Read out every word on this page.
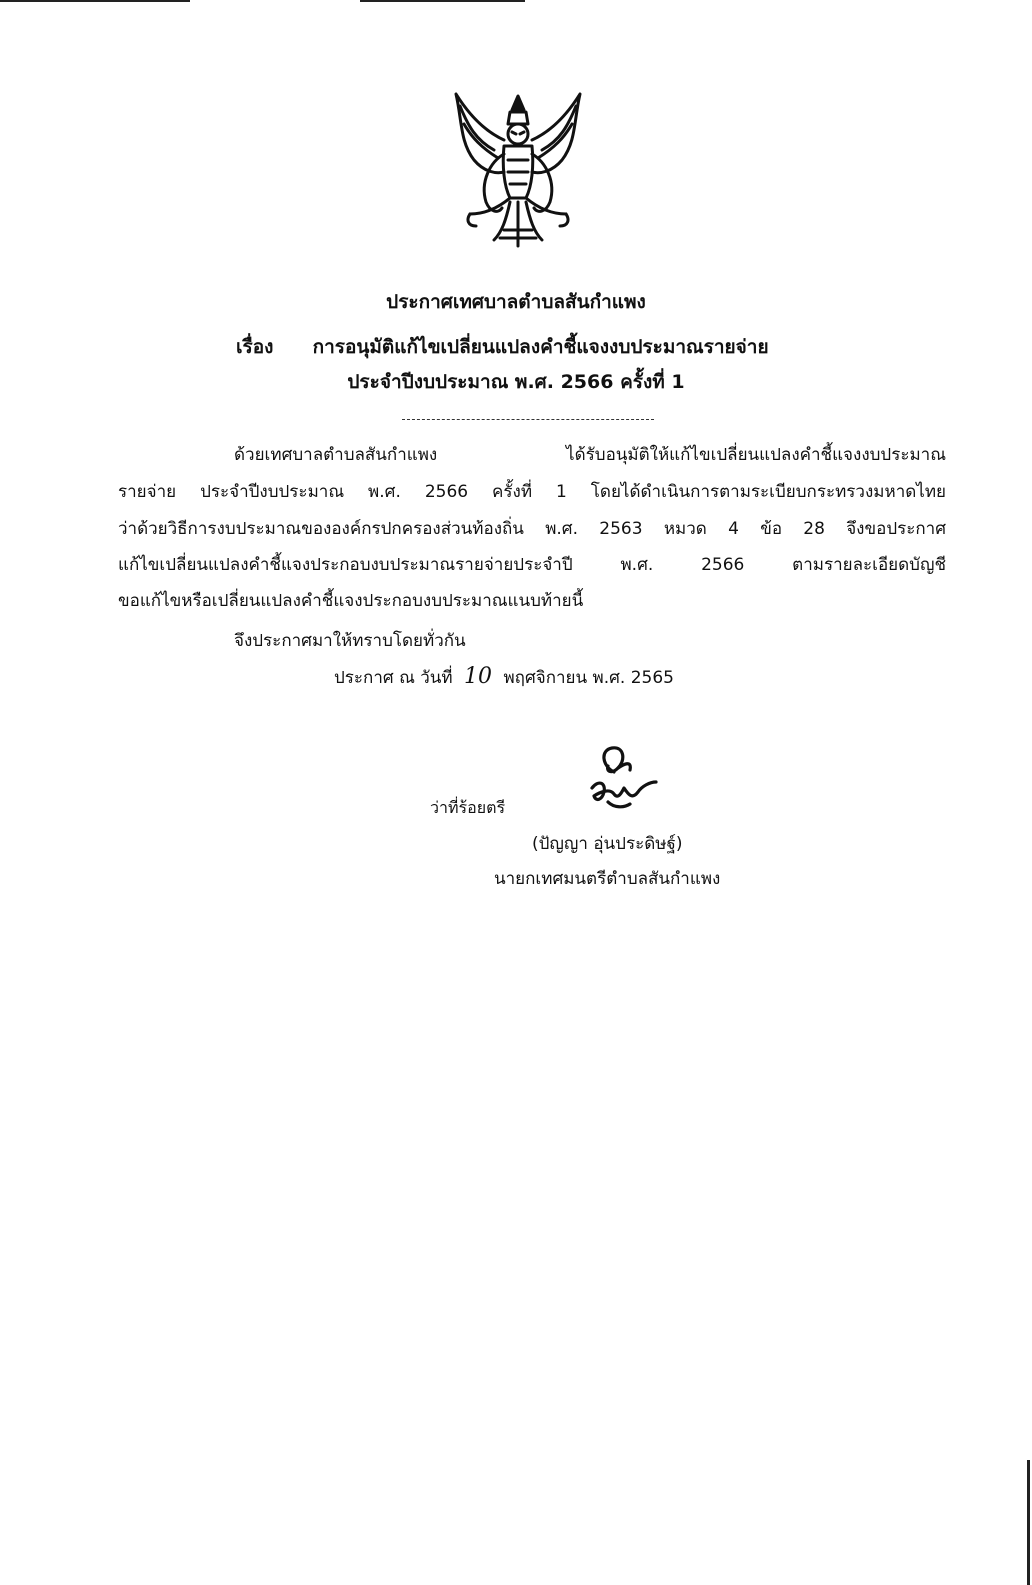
ประกาศเทศบาลตำบลสันกำแพง
เรื่อง การอนุมัติแก้ไขเปลี่ยนแปลงคำชี้แจงงบประมาณรายจ่าย
ประจำปีงบประมาณ พ.ศ. 2566 ครั้งที่ 1
ด้วยเทศบาลตำบลสันกำแพง ได้รับอนุมัติให้แก้ไขเปลี่ยนแปลงคำชี้แจงงบประมาณ
รายจ่าย ประจำปีงบประมาณ พ.ศ. 2566 ครั้งที่ 1 โดยได้ดำเนินการตามระเบียบกระทรวงมหาดไทย
ว่าด้วยวิธีการงบประมาณขององค์กรปกครองส่วนท้องถิ่น พ.ศ. 2563 หมวด 4 ข้อ 28 จึงขอประกาศ
แก้ไขเปลี่ยนแปลงคำชี้แจงประกอบงบประมาณรายจ่ายประจำปี พ.ศ. 2566 ตามรายละเอียดบัญชี
ขอแก้ไขหรือเปลี่ยนแปลงคำชี้แจงประกอบงบประมาณแนบท้ายนี้
จึงประกาศมาให้ทราบโดยทั่วกัน
ประกาศ ณ วันที่ 10 พฤศจิกายน พ.ศ. 2565
ว่าที่ร้อยตรี
(ปัญญา อุ่นประดิษฐ์)
นายกเทศมนตรีตำบลสันกำแพง
